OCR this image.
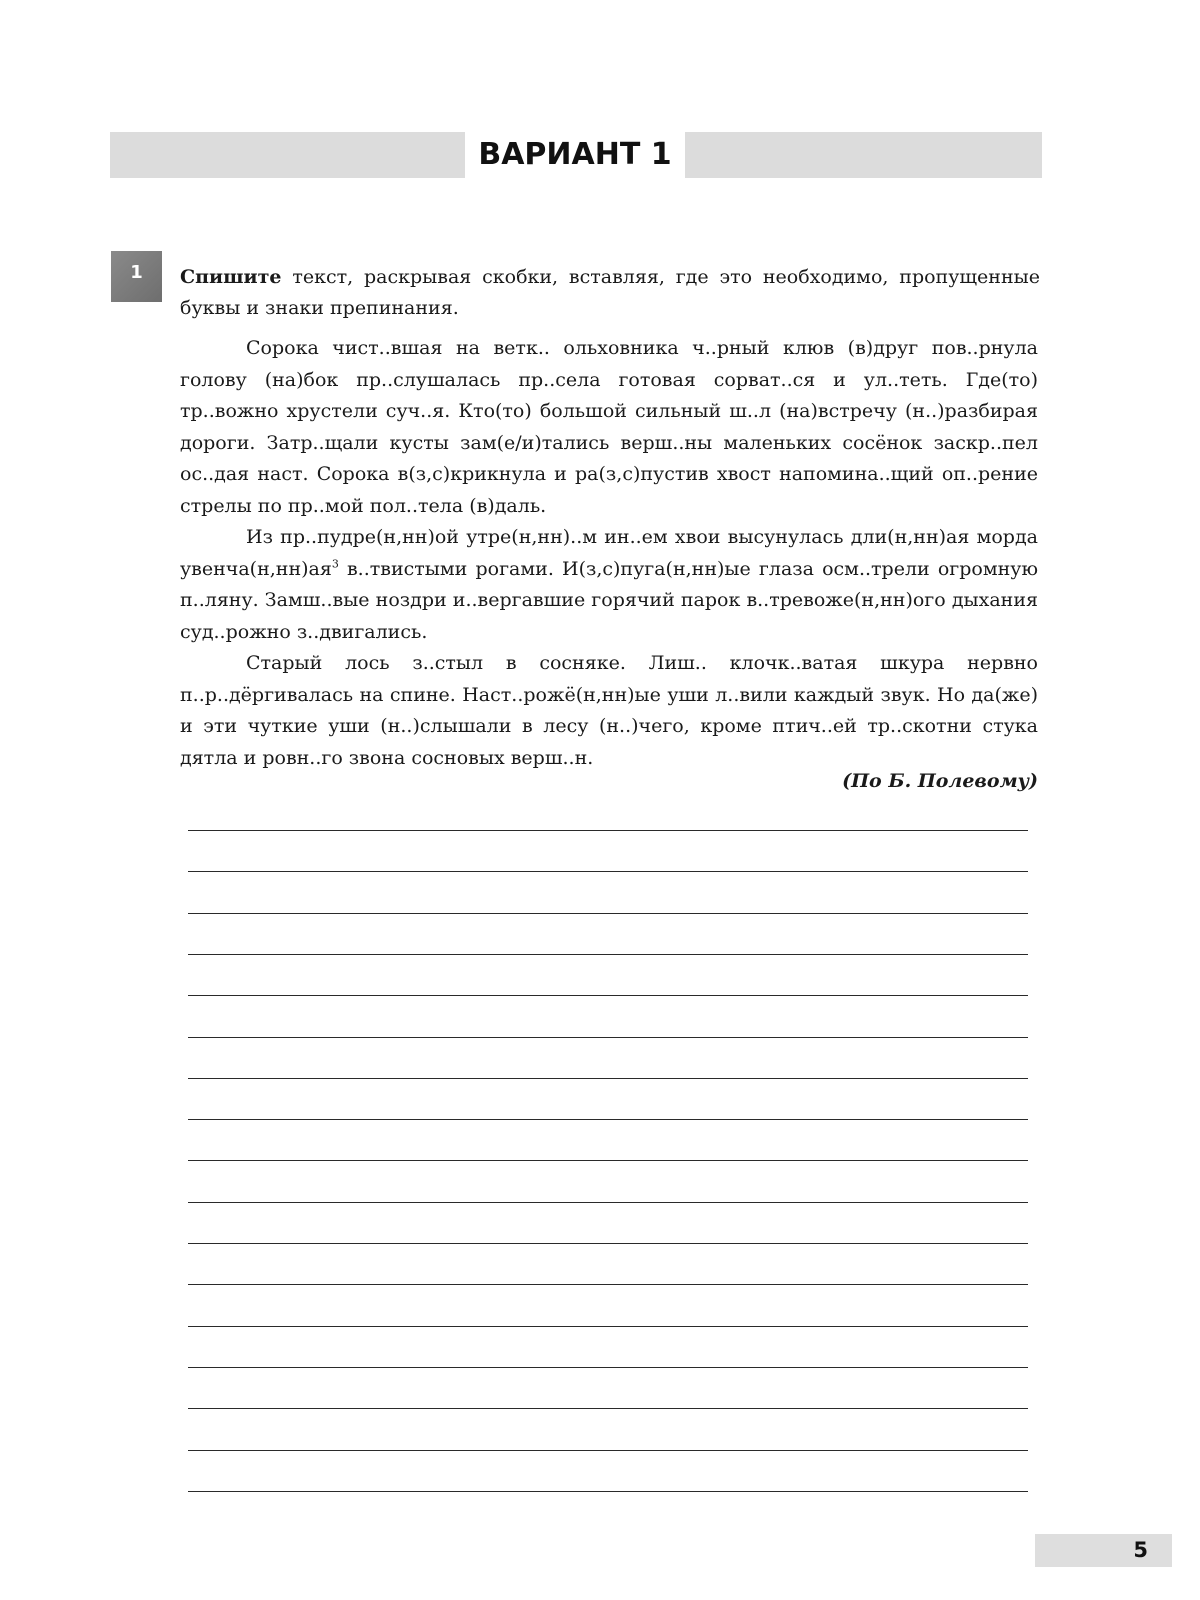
ВАРИАНТ 1
1	Спишите текст, раскрывая скобки, вставляя, где это необходимо, пропущенные буквы и знаки препинания.

Сорока чист..вшая на ветк.. ольховника ч..рный клюв (в)друг пов..рнула голову (на)бок пр..слушалась пр..села готовая сорват..ся и ул..теть. Где(то) тр..вожно хрустели суч..я. Кто(то) большой сильный ш..л (на)встречу (н..)разбирая дороги. Затр..щали кусты зам(е/и)тались верш..ны маленьких сосёнок заскр..пел ос..дая наст. Сорока в(з,с)крикнула и ра(з,с)пустив хвост напомина..щий оп..рение стрелы по пр..мой пол..тела (в)даль.

Из пр..пудре(н,нн)ой утре(н,нн)..м ин..ем хвои высунулась дли(н,нн)ая морда $увенча(н,нн)ая^3$ в..твистыми рогами. И(з,с)пуга(н,нн)ые глаза осм..трели огромную п..ляну. Замш..вые ноздри и..вергавшие горячий парок в..тревоже(н,нн)ого дыхания суд..рожно з..двигались.

Старый лось з..стыл в сосняке. Лиш.. клочк..ватая шкура нервно п..р..дёргивалась на спине. Наст..рожё(н,нн)ые уши л..вили каждый звук. Но да(же) и эти чуткие уши (н..)слышали в лесу (н..)чего, кроме птич..ей тр..скотни стука дятла и ровн..го звона сосновых верш..н.

(По Б. Полевому)
5
